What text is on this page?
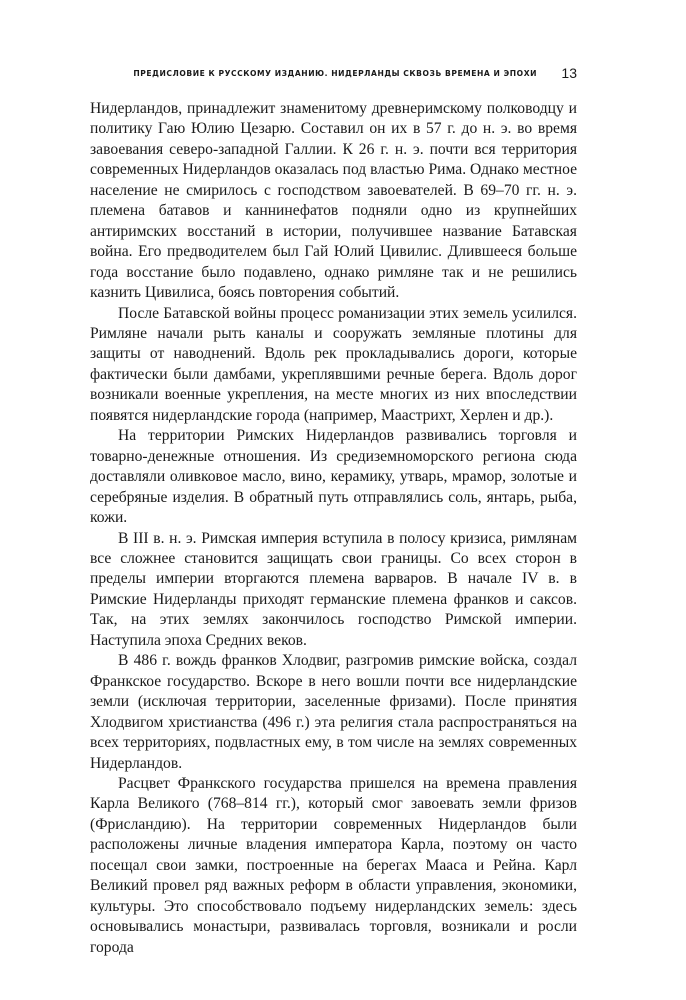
ПРЕДИСЛОВИЕ К РУССКОМУ ИЗДАНИЮ. НИДЕРЛАНДЫ СКВОЗЬ ВРЕМЕНА И ЭПОХИ 13

Нидерландов, принадлежит знаменитому древнеримскому полководцу и политику Гаю Юлию Цезарю. Составил он их в 57 г. до н. э. во время завоевания северо-западной Галлии. К 26 г. н. э. почти вся территория современных Нидерландов оказалась под властью Рима. Однако местное население не смирилось с господством завоевателей. В 69–70 гг. н. э. племена батавов и каннинефатов подняли одно из крупнейших антиримских восстаний в истории, получившее название Батавская война. Его предводителем был Гай Юлий Цивилис. Длившееся больше года восстание было подавлено, однако римляне так и не решились казнить Цивилиса, боясь повторения событий.

После Батавской войны процесс романизации этих земель усилился. Римляне начали рыть каналы и сооружать земляные плотины для защиты от наводнений. Вдоль рек прокладывались дороги, которые фактически были дамбами, укреплявшими речные берега. Вдоль дорог возникали военные укрепления, на месте многих из них впоследствии появятся нидерландские города (например, Маастрихт, Херлен и др.).

На территории Римских Нидерландов развивались торговля и товарно-денежные отношения. Из средиземноморского региона сюда доставляли оливковое масло, вино, керамику, утварь, мрамор, золотые и серебряные изделия. В обратный путь отправлялись соль, янтарь, рыба, кожи.

В III в. н. э. Римская империя вступила в полосу кризиса, римлянам все сложнее становится защищать свои границы. Со всех сторон в пределы империи вторгаются племена варваров. В начале IV в. в Римские Нидерланды приходят германские племена франков и саксов. Так, на этих землях закончилось господство Римской империи. Наступила эпоха Средних веков.

В 486 г. вождь франков Хлодвиг, разгромив римские войска, создал Франкское государство. Вскоре в него вошли почти все нидерландские земли (исключая территории, заселенные фризами). После принятия Хлодвигом христианства (496 г.) эта религия стала распространяться на всех территориях, подвластных ему, в том числе на землях современных Нидерландов.

Расцвет Франкского государства пришелся на времена правления Карла Великого (768–814 гг.), который смог завоевать земли фризов (Фрисландию). На территории современных Нидерландов были расположены личные владения императора Карла, поэтому он часто посещал свои замки, построенные на берегах Мааса и Рейна. Карл Великий провел ряд важных реформ в области управления, экономики, культуры. Это способствовало подъему нидерландских земель: здесь основывались монастыри, развивалась торговля, возникали и росли города
